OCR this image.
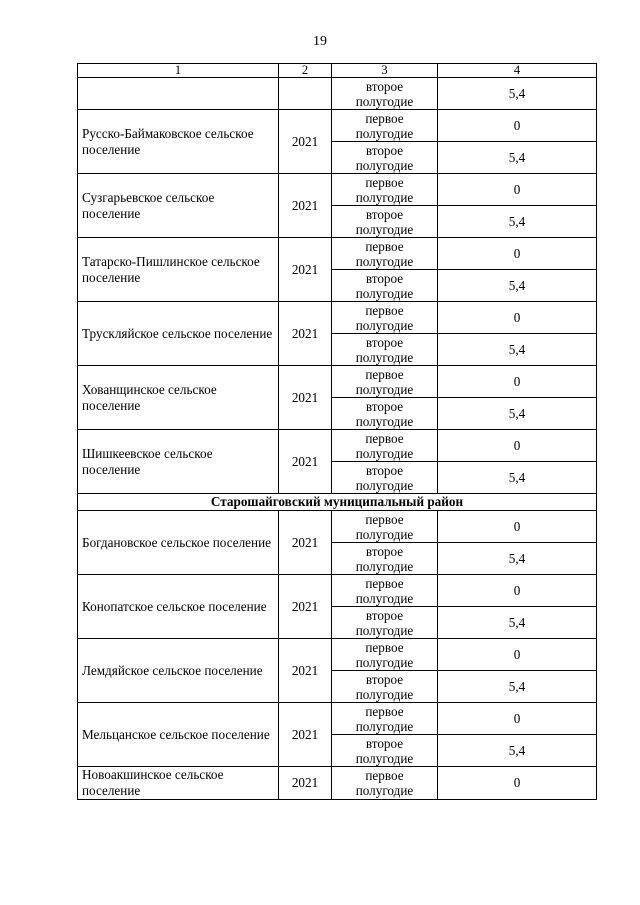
19
1	2	3	4
		второе полугодие	5,4
Русско-Баймаковское сельское поселение	2021	первое полугодие	0
		второе полугодие	5,4
Сузгарьевское сельское поселение	2021	первое полугодие	0
		второе полугодие	5,4
Татарско-Пишлинское сельское поселение	2021	первое полугодие	0
		второе полугодие	5,4
Трускляйское сельское поселение	2021	первое полугодие	0
		второе полугодие	5,4
Хованщинское сельское поселение	2021	первое полугодие	0
		второе полугодие	5,4
Шишкеевское сельское поселение	2021	первое полугодие	0
		второе полугодие	5,4
Старошайговский муниципальный район			
Богдановское сельское поселение	2021	первое полугодие	0
		второе полугодие	5,4
Конопатское сельское поселение	2021	первое полугодие	0
		второе полугодие	5,4
Лемдяйское сельское поселение	2021	первое полугодие	0
		второе полугодие	5,4
Мельцанское сельское поселение	2021	первое полугодие	0
		второе полугодие	5,4
Новоакшинское сельское поселение	2021	первое полугодие	0
